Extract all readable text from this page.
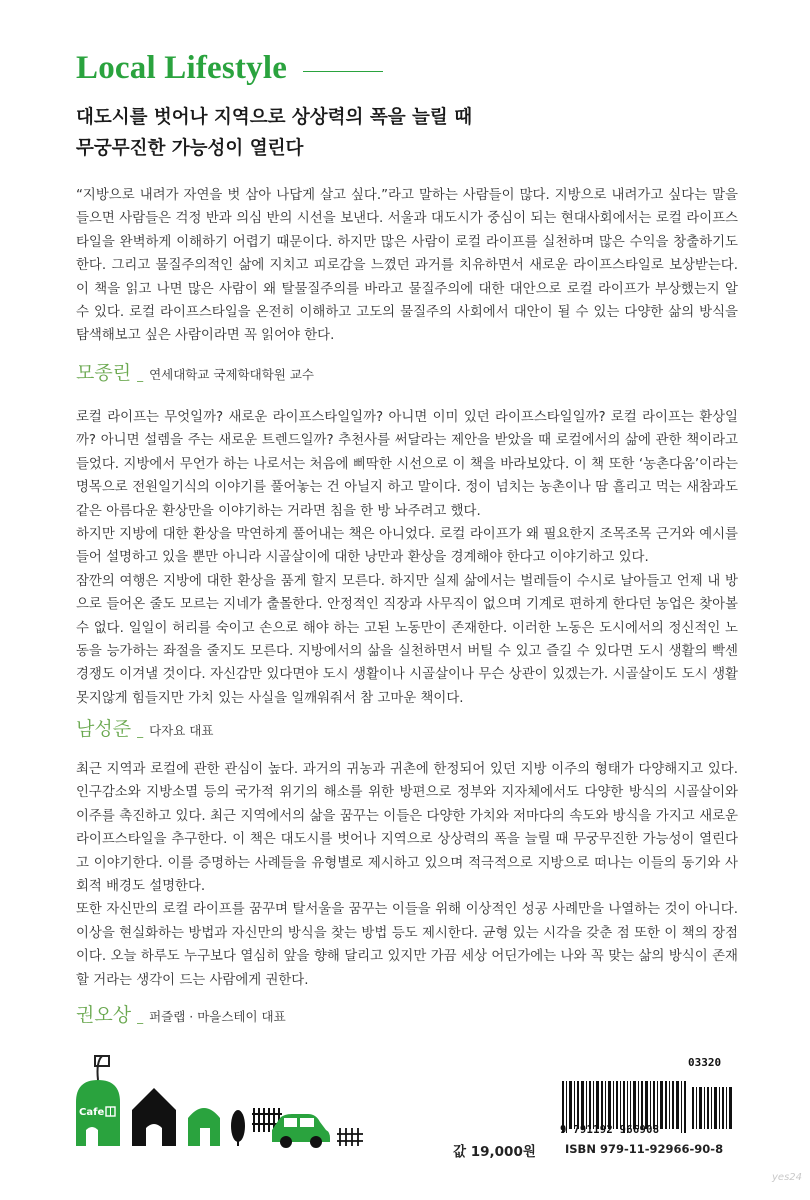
Local Lifestyle
대도시를 벗어나 지역으로 상상력의 폭을 늘릴 때
무궁무진한 가능성이 열린다

“지방으로 내려가 자연을 벗 삼아 나답게 살고 싶다.”라고 말하는 사람들이 많다. 지방으로 내려가고 싶다는 말을 들으면 사람들은 걱정 반과 의심 반의 시선을 보낸다. 서울과 대도시가 중심이 되는 현대사회에서는 로컬 라이프스타일을 완벽하게 이해하기 어렵기 때문이다. 하지만 많은 사람이 로컬 라이프를 실천하며 많은 수익을 창출하기도 한다. 그리고 물질주의적인 삶에 지치고 피로감을 느꼈던 과거를 치유하면서 새로운 라이프스타일로 보상받는다. 이 책을 읽고 나면 많은 사람이 왜 탈물질주의를 바라고 물질주의에 대한 대안으로 로컬 라이프가 부상했는지 알 수 있다. 로컬 라이프스타일을 온전히 이해하고 고도의 물질주의 사회에서 대안이 될 수 있는 다양한 삶의 방식을 탐색해보고 싶은 사람이라면 꼭 읽어야 한다.

모종린 _ 연세대학교 국제학대학원 교수

로컬 라이프는 무엇일까? 새로운 라이프스타일일까? 아니면 이미 있던 라이프스타일일까? 로컬 라이프는 환상일까? 아니면 설렘을 주는 새로운 트렌드일까? 추천사를 써달라는 제안을 받았을 때 로컬에서의 삶에 관한 책이라고 들었다. 지방에서 무언가 하는 나로서는 처음에 삐딱한 시선으로 이 책을 바라보았다. 이 책 또한 ‘농촌다움’이라는 명목으로 전원일기식의 이야기를 풀어놓는 건 아닐지 하고 말이다. 정이 넘치는 농촌이나 땀 흘리고 먹는 새참과도 같은 아름다운 환상만을 이야기하는 거라면 침을 한 방 놔주려고 했다.

하지만 지방에 대한 환상을 막연하게 풀어내는 책은 아니었다. 로컬 라이프가 왜 필요한지 조목조목 근거와 예시를 들어 설명하고 있을 뿐만 아니라 시골살이에 대한 낭만과 환상을 경계해야 한다고 이야기하고 있다.

잠깐의 여행은 지방에 대한 환상을 품게 할지 모른다. 하지만 실제 삶에서는 벌레들이 수시로 날아들고 언제 내 방으로 들어온 줄도 모르는 지네가 출몰한다. 안정적인 직장과 사무직이 없으며 기계로 편하게 한다던 농업은 찾아볼 수 없다. 일일이 허리를 숙이고 손으로 해야 하는 고된 노동만이 존재한다. 이러한 노동은 도시에서의 정신적인 노동을 능가하는 좌절을 줄지도 모른다. 지방에서의 삶을 실천하면서 버틸 수 있고 즐길 수 있다면 도시 생활의 빡센 경쟁도 이겨낼 것이다. 자신감만 있다면야 도시 생활이나 시골살이나 무슨 상관이 있겠는가. 시골살이도 도시 생활 못지않게 힘들지만 가치 있는 사실을 일깨워줘서 참 고마운 책이다.

남성준 _ 다자요 대표

최근 지역과 로컬에 관한 관심이 높다. 과거의 귀농과 귀촌에 한정되어 있던 지방 이주의 형태가 다양해지고 있다. 인구감소와 지방소멸 등의 국가적 위기의 해소를 위한 방편으로 정부와 지자체에서도 다양한 방식의 시골살이와 이주를 촉진하고 있다. 최근 지역에서의 삶을 꿈꾸는 이들은 다양한 가치와 저마다의 속도와 방식을 가지고 새로운 라이프스타일을 추구한다. 이 책은 대도시를 벗어나 지역으로 상상력의 폭을 늘릴 때 무궁무진한 가능성이 열린다고 이야기한다. 이를 증명하는 사례들을 유형별로 제시하고 있으며 적극적으로 지방으로 떠나는 이들의 동기와 사회적 배경도 설명한다.

또한 자신만의 로컬 라이프를 꿈꾸며 탈서울을 꿈꾸는 이들을 위해 이상적인 성공 사례만을 나열하는 것이 아니다. 이상을 현실화하는 방법과 자신만의 방식을 찾는 방법 등도 제시한다. 균형 있는 시각을 갖춘 점 또한 이 책의 장점이다. 오늘 하루도 누구보다 열심히 앞을 향해 달리고 있지만 가끔 세상 어딘가에는 나와 꼭 맞는 삶의 방식이 존재할 거라는 생각이 드는 사람에게 권한다.

권오상 _ 퍼즐랩 · 마을스테이 대표
Cafe
값 19,000원
03320
9 791192 966908
ISBN 979-11-92966-90-8
yes24
